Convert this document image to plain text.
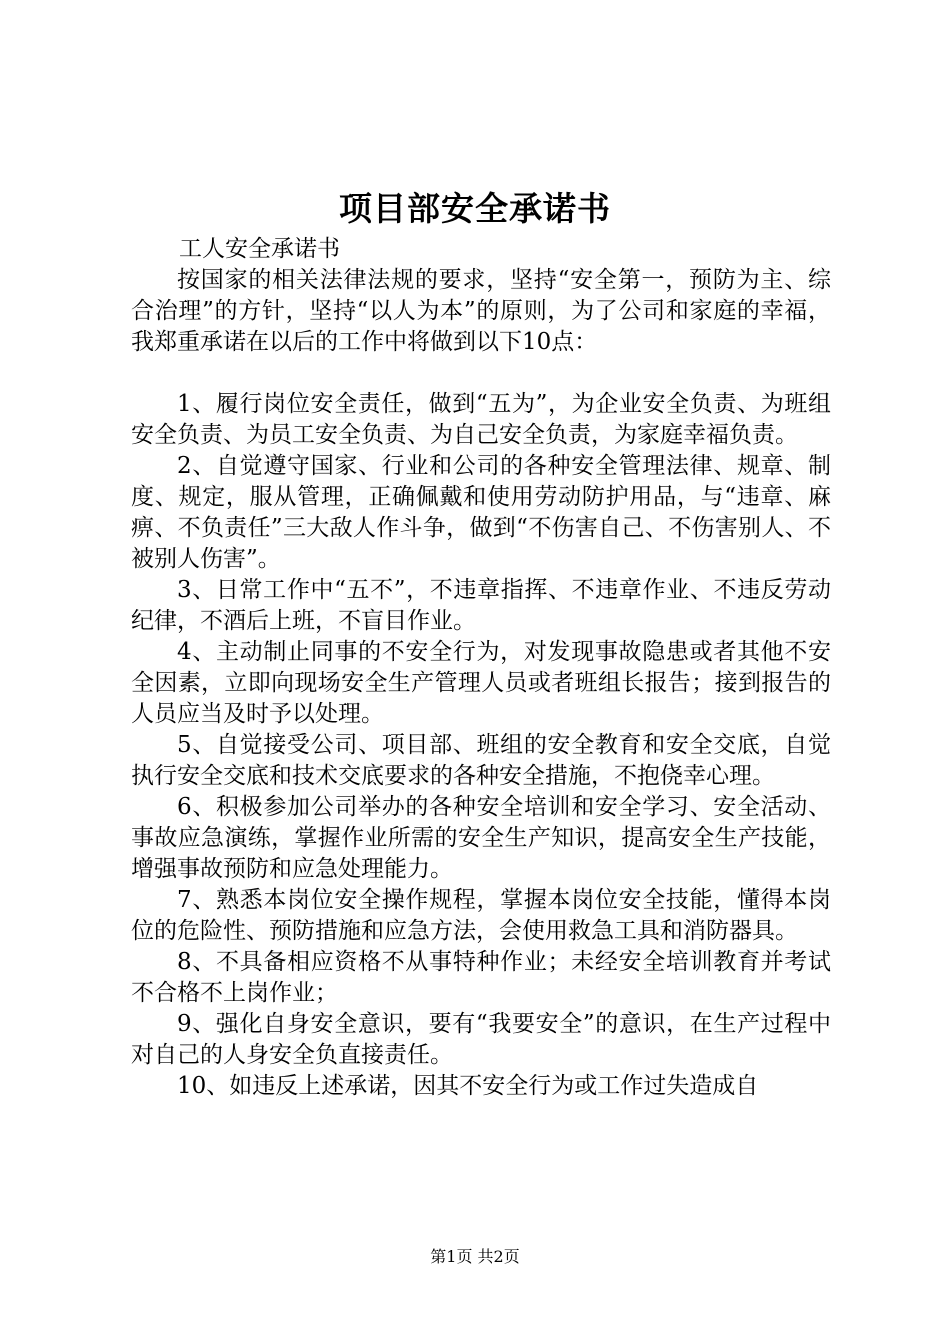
项目部安全承诺书

工人安全承诺书

按国家的相关法律法规的要求，坚持“安全第一，预防为主、综合治理”的方针，坚持“以人为本”的原则，为了公司和家庭的幸福，我郑重承诺在以后的工作中将做到以下10点：

1、履行岗位安全责任，做到“五为”，为企业安全负责、为班组安全负责、为员工安全负责、为自己安全负责，为家庭幸福负责。

2、自觉遵守国家、行业和公司的各种安全管理法律、规章、制度、规定，服从管理，正确佩戴和使用劳动防护用品，与“违章、麻痹、不负责任”三大敌人作斗争，做到“不伤害自己、不伤害别人、不被别人伤害”。

3、日常工作中“五不”，不违章指挥、不违章作业、不违反劳动纪律，不酒后上班，不盲目作业。

4、主动制止同事的不安全行为，对发现事故隐患或者其他不安全因素，立即向现场安全生产管理人员或者班组长报告；接到报告的人员应当及时予以处理。

5、自觉接受公司、项目部、班组的安全教育和安全交底，自觉执行安全交底和技术交底要求的各种安全措施，不抱侥幸心理。

6、积极参加公司举办的各种安全培训和安全学习、安全活动、事故应急演练，掌握作业所需的安全生产知识，提高安全生产技能，增强事故预防和应急处理能力。

7、熟悉本岗位安全操作规程，掌握本岗位安全技能，懂得本岗位的危险性、预防措施和应急方法，会使用救急工具和消防器具。

8、不具备相应资格不从事特种作业；未经安全培训教育并考试不合格不上岗作业；

9、强化自身安全意识，要有“我要安全”的意识，在生产过程中对自己的人身安全负直接责任。

10、如违反上述承诺，因其不安全行为或工作过失造成自

第1页 共2页
